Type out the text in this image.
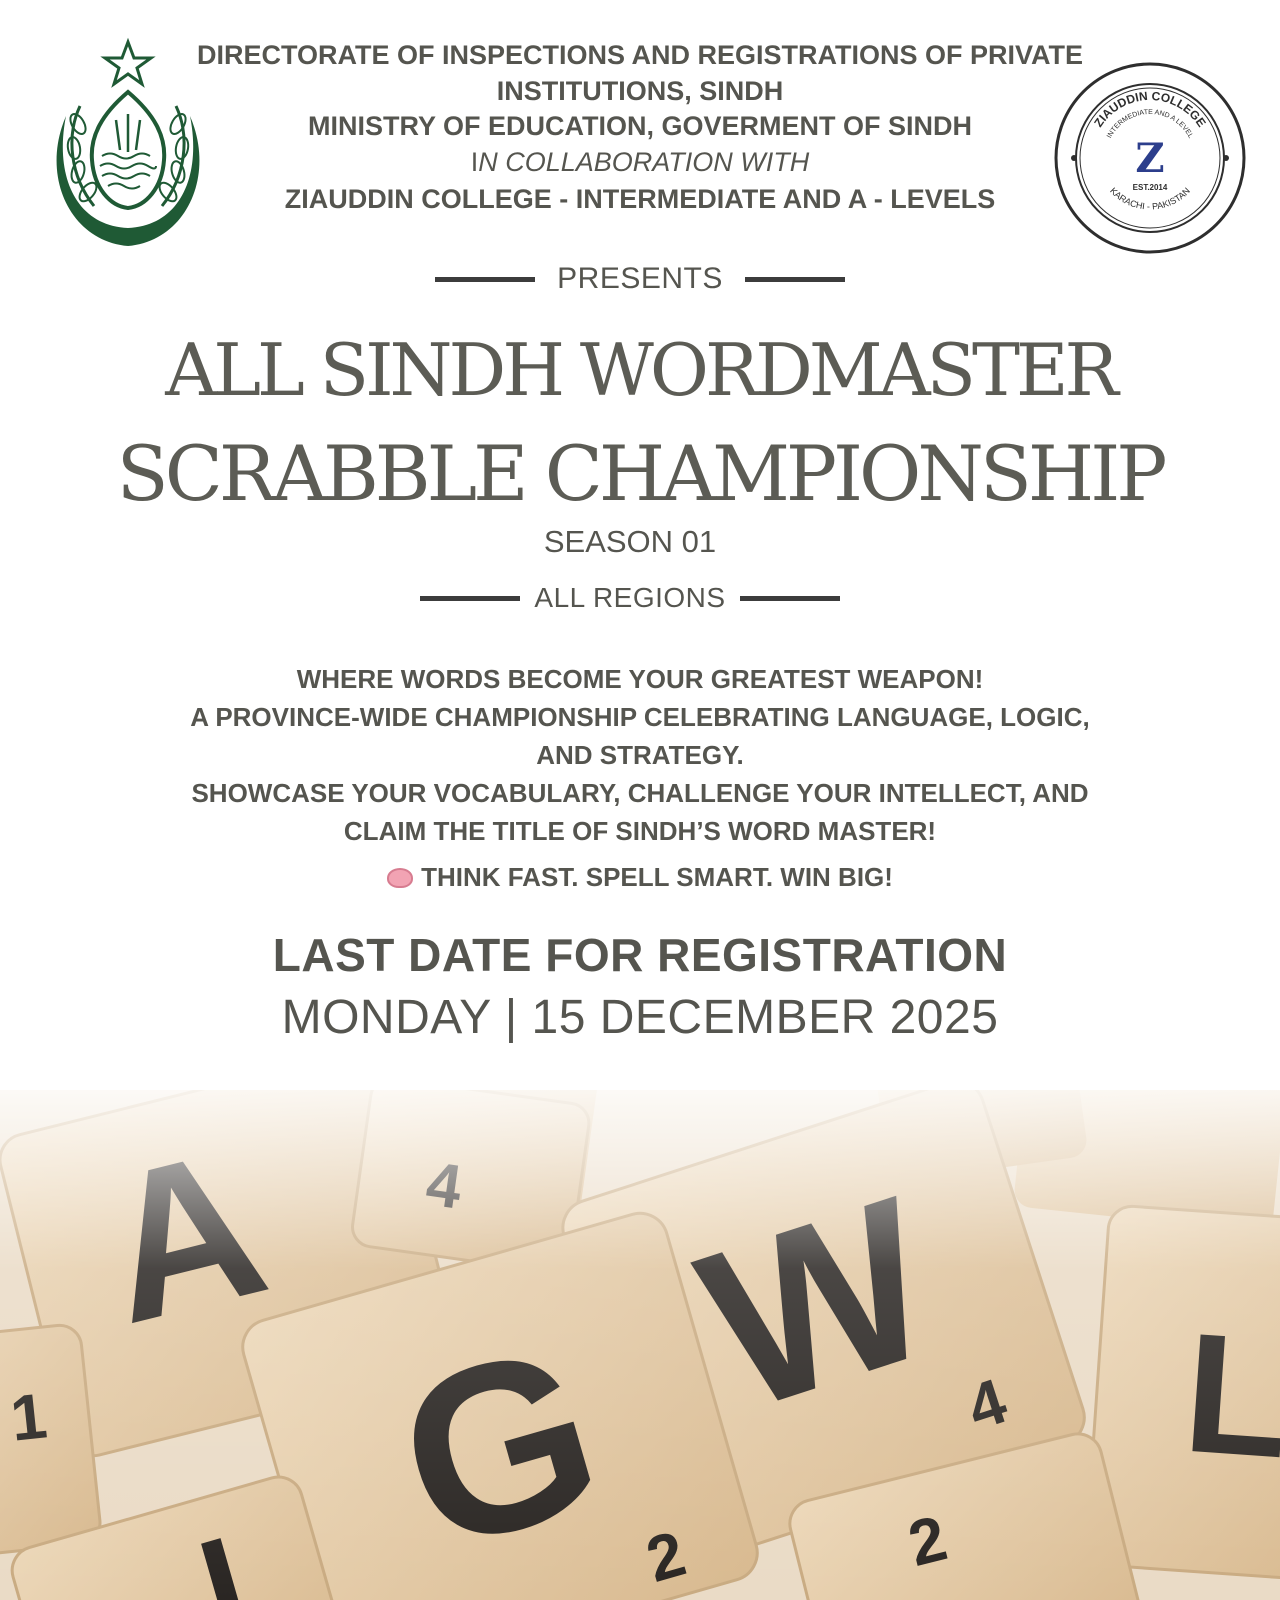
DIRECTORATE OF INSPECTIONS AND REGISTRATIONS OF PRIVATE
INSTITUTIONS, SINDH
MINISTRY OF EDUCATION, GOVERMENT OF SINDH
IN COLLABORATION WITH
ZIAUDDIN COLLEGE - INTERMEDIATE AND A - LEVELS
ZIAUDDIN COLLEGE
INTERMEDIATE AND A LEVEL
KARACHI - PAKISTAN
Z
EST.2014
PRESENTS
ALL SINDH WORDMASTER
SCRABBLE CHAMPIONSHIP
SEASON 01
ALL REGIONS
WHERE WORDS BECOME YOUR GREATEST WEAPON!
A PROVINCE-WIDE CHAMPIONSHIP CELEBRATING LANGUAGE, LOGIC,
AND STRATEGY.
SHOWCASE YOUR VOCABULARY, CHALLENGE YOUR INTELLECT, AND
CLAIM THE TITLE OF SINDH’S WORD MASTER!
THINK FAST. SPELL SMART. WIN BIG!
LAST DATE FOR REGISTRATION
MONDAY | 15 DECEMBER 2025
